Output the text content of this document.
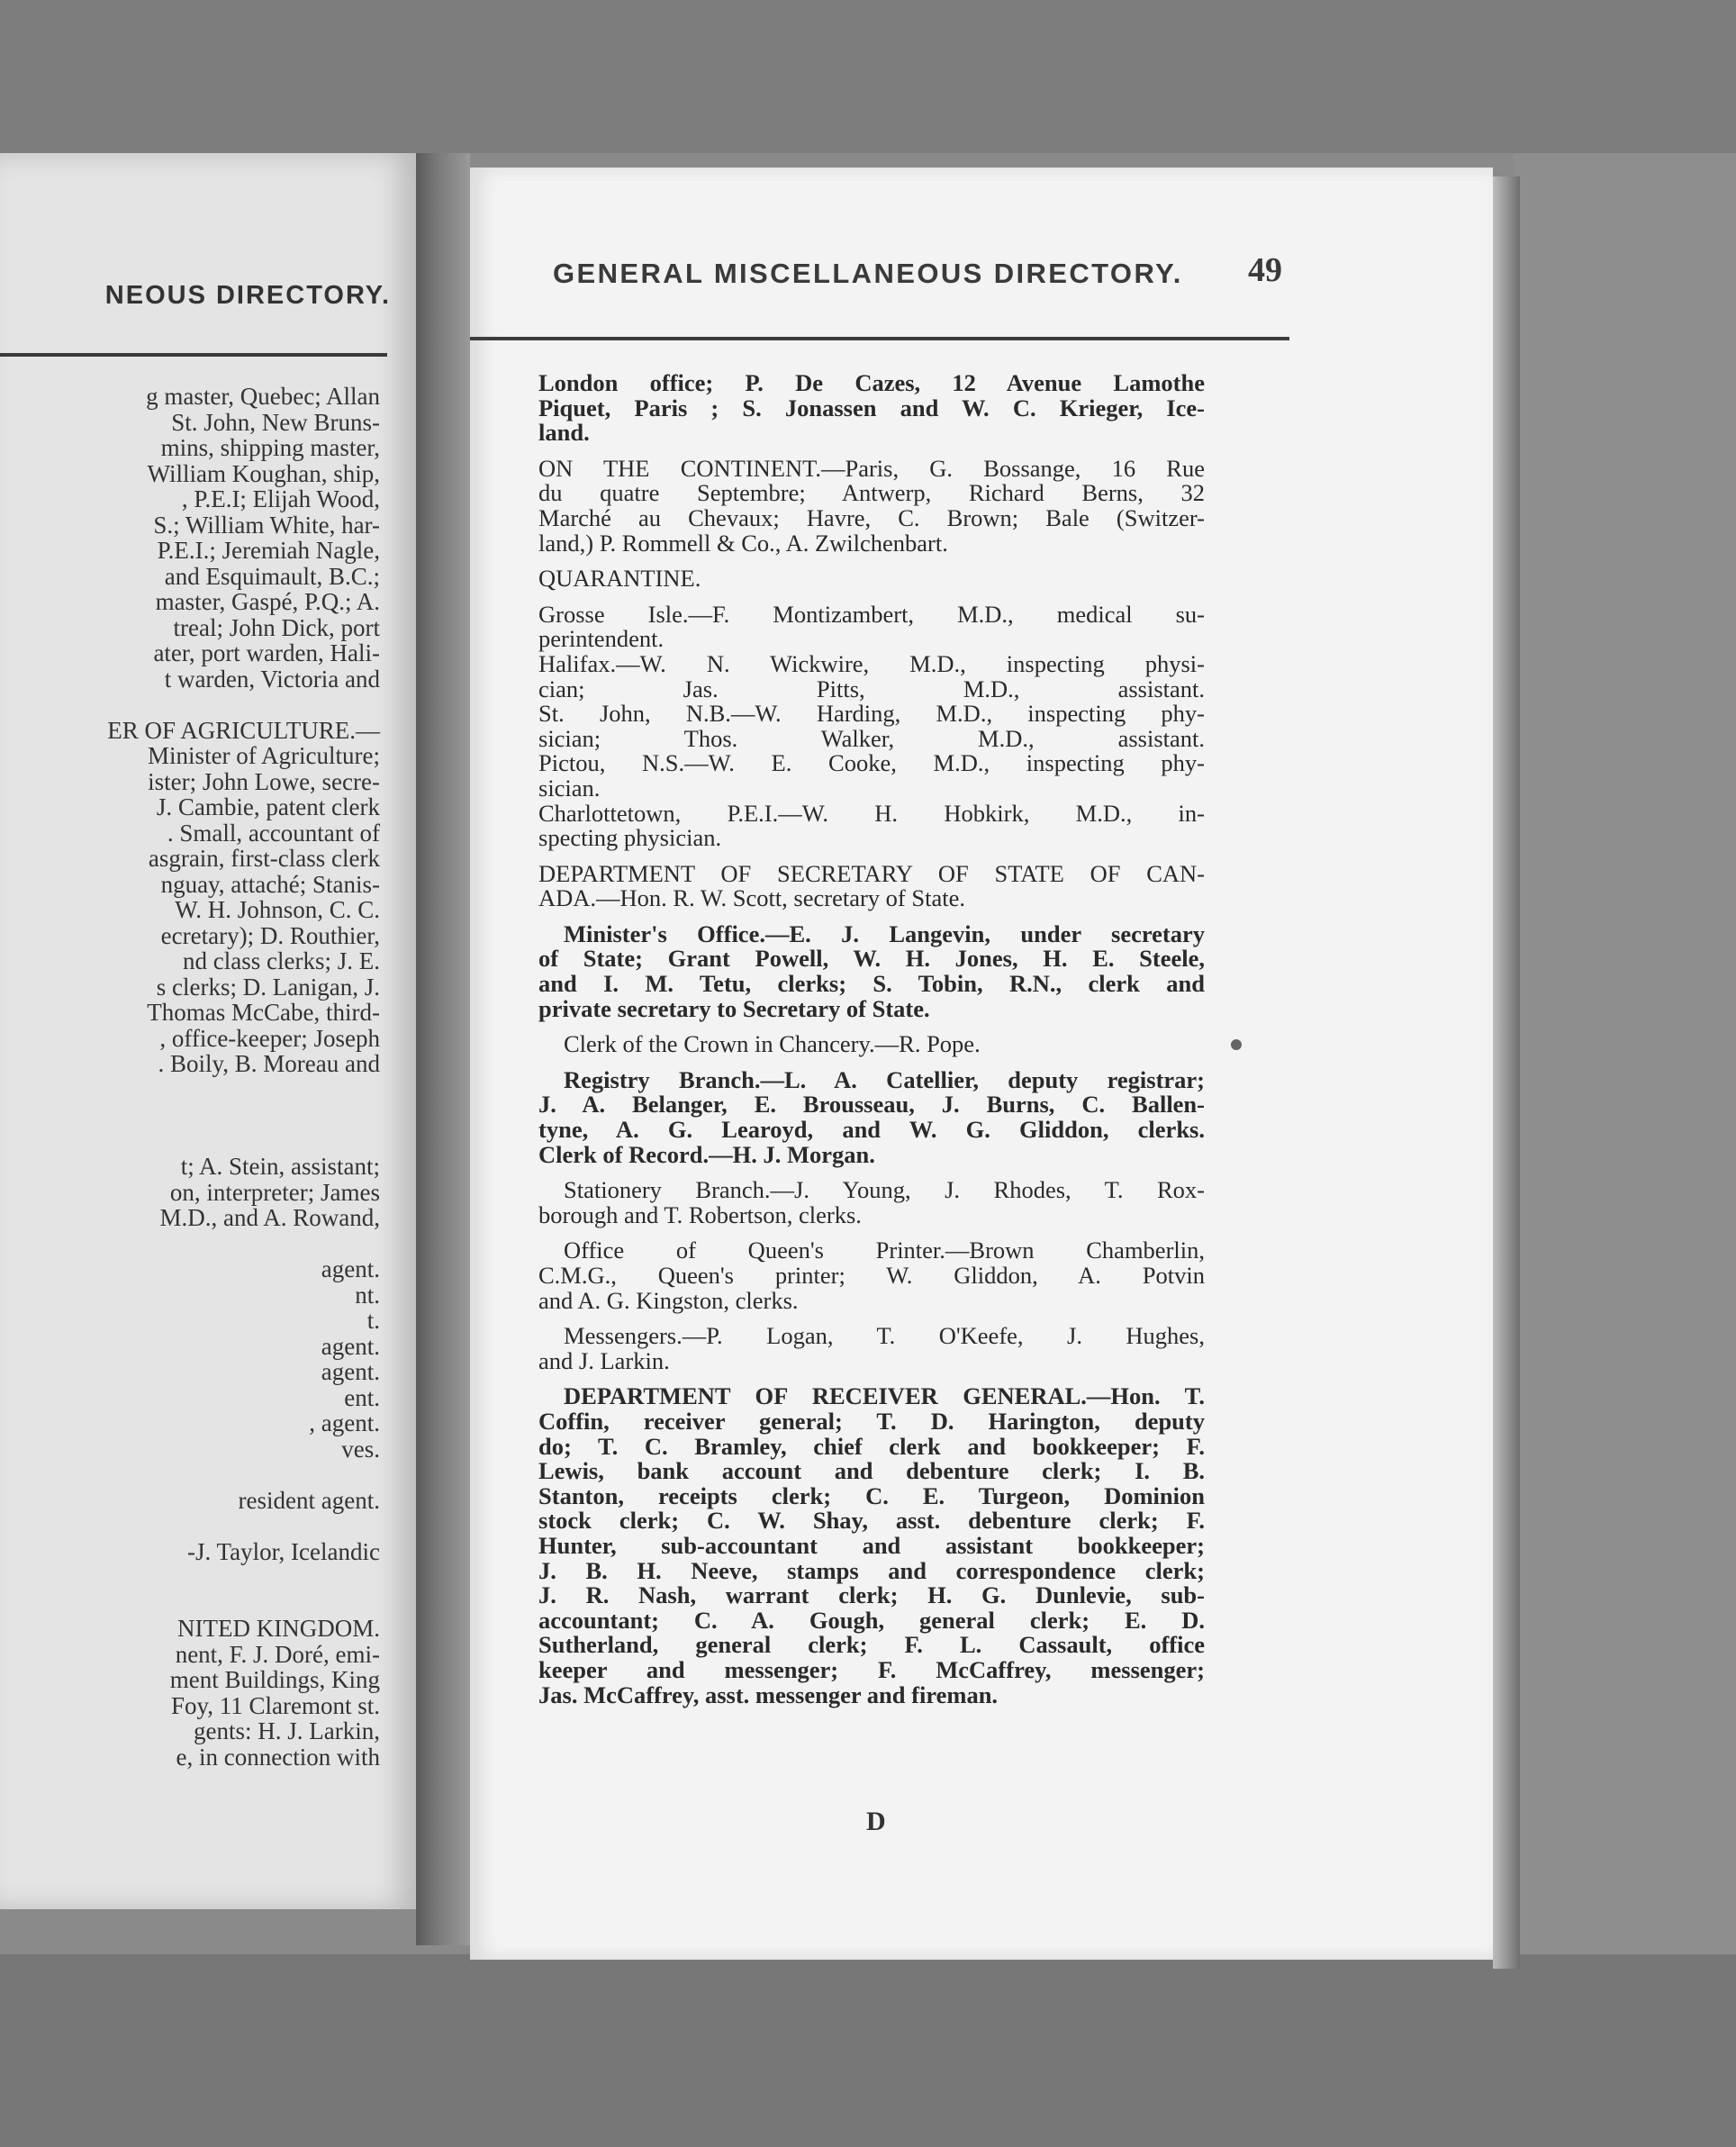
NEOUS DIRECTORY.
g master, Quebec; Allan
St. John, New Bruns-
mins, shipping master,
William Koughan, ship,
, P.E.I; Elijah Wood,
S.; William White, har-
P.E.I.; Jeremiah Nagle,
and Esquimault, B.C.;
master, Gaspé, P.Q.; A.
treal; John Dick, port
ater, port warden, Hali-
t warden, Victoria and

ER OF AGRICULTURE.—
Minister of Agriculture;
ister; John Lowe, secre-
J. Cambie, patent clerk
. Small, accountant of
asgrain, first-class clerk
nguay, attaché; Stanis-
W. H. Johnson, C. C.
ecretary); D. Routhier,
nd class clerks; J. E.
s clerks; D. Lanigan, J.
Thomas McCabe, third-
, office-keeper; Joseph
. Boily, B. Moreau and

t; A. Stein, assistant;
on, interpreter; James
M.D., and A. Rowand,

agent.
nt.
t.
agent.
agent.
ent.
, agent.
ves.

resident agent.

-J. Taylor, Icelandic

NITED KINGDOM.
nent, F. J. Doré, emi-
ment Buildings, King
Foy, 11 Claremont st.
gents: H. J. Larkin,
e, in connection with
GENERAL MISCELLANEOUS DIRECTORY. 49
London office; P. De Cazes, 12 Avenue Lamothe
Piquet, Paris ; S. Jonassen and W. C. Krieger, Ice-
land.
ON THE CONTINENT.—Paris, G. Bossange, 16 Rue
du quatre Septembre; Antwerp, Richard Berns, 32
Marché au Chevaux; Havre, C. Brown; Bale (Switzer-
land,) P. Rommell & Co., A. Zwilchenbart.
QUARANTINE.
Grosse Isle.—F. Montizambert, M.D., medical su-
perintendent.
Halifax.—W. N. Wickwire, M.D., inspecting physi-
cian; Jas. Pitts, M.D., assistant.
St. John, N.B.—W. Harding, M.D., inspecting phy-
sician; Thos. Walker, M.D., assistant.
Pictou, N.S.—W. E. Cooke, M.D., inspecting phy-
sician.
Charlottetown, P.E.I.—W. H. Hobkirk, M.D., in-
specting physician.
DEPARTMENT OF SECRETARY OF STATE OF CAN-
ADA.—Hon. R. W. Scott, secretary of State.
Minister's Office.—E. J. Langevin, under secretary
of State; Grant Powell, W. H. Jones, H. E. Steele,
and I. M. Tetu, clerks; S. Tobin, R.N., clerk and
private secretary to Secretary of State.
Clerk of the Crown in Chancery.—R. Pope.
Registry Branch.—L. A. Catellier, deputy registrar;
J. A. Belanger, E. Brousseau, J. Burns, C. Ballen-
tyne, A. G. Learoyd, and W. G. Gliddon, clerks.
Clerk of Record.—H. J. Morgan.
Stationery Branch.—J. Young, J. Rhodes, T. Rox-
borough and T. Robertson, clerks.
Office of Queen's Printer.—Brown Chamberlin,
C.M.G., Queen's printer; W. Gliddon, A. Potvin
and A. G. Kingston, clerks.
Messengers.—P. Logan, T. O'Keefe, J. Hughes,
and J. Larkin.
DEPARTMENT OF RECEIVER GENERAL.—Hon. T.
Coffin, receiver general; T. D. Harington, deputy
do; T. C. Bramley, chief clerk and bookkeeper; F.
Lewis, bank account and debenture clerk; I. B.
Stanton, receipts clerk; C. E. Turgeon, Dominion
stock clerk; C. W. Shay, asst. debenture clerk; F.
Hunter, sub-accountant and assistant bookkeeper;
J. B. H. Neeve, stamps and correspondence clerk;
J. R. Nash, warrant clerk; H. G. Dunlevie, sub-
accountant; C. A. Gough, general clerk; E. D.
Sutherland, general clerk; F. L. Cassault, office
keeper and messenger; F. McCaffrey, messenger;
Jas. McCaffrey, asst. messenger and fireman.
D
